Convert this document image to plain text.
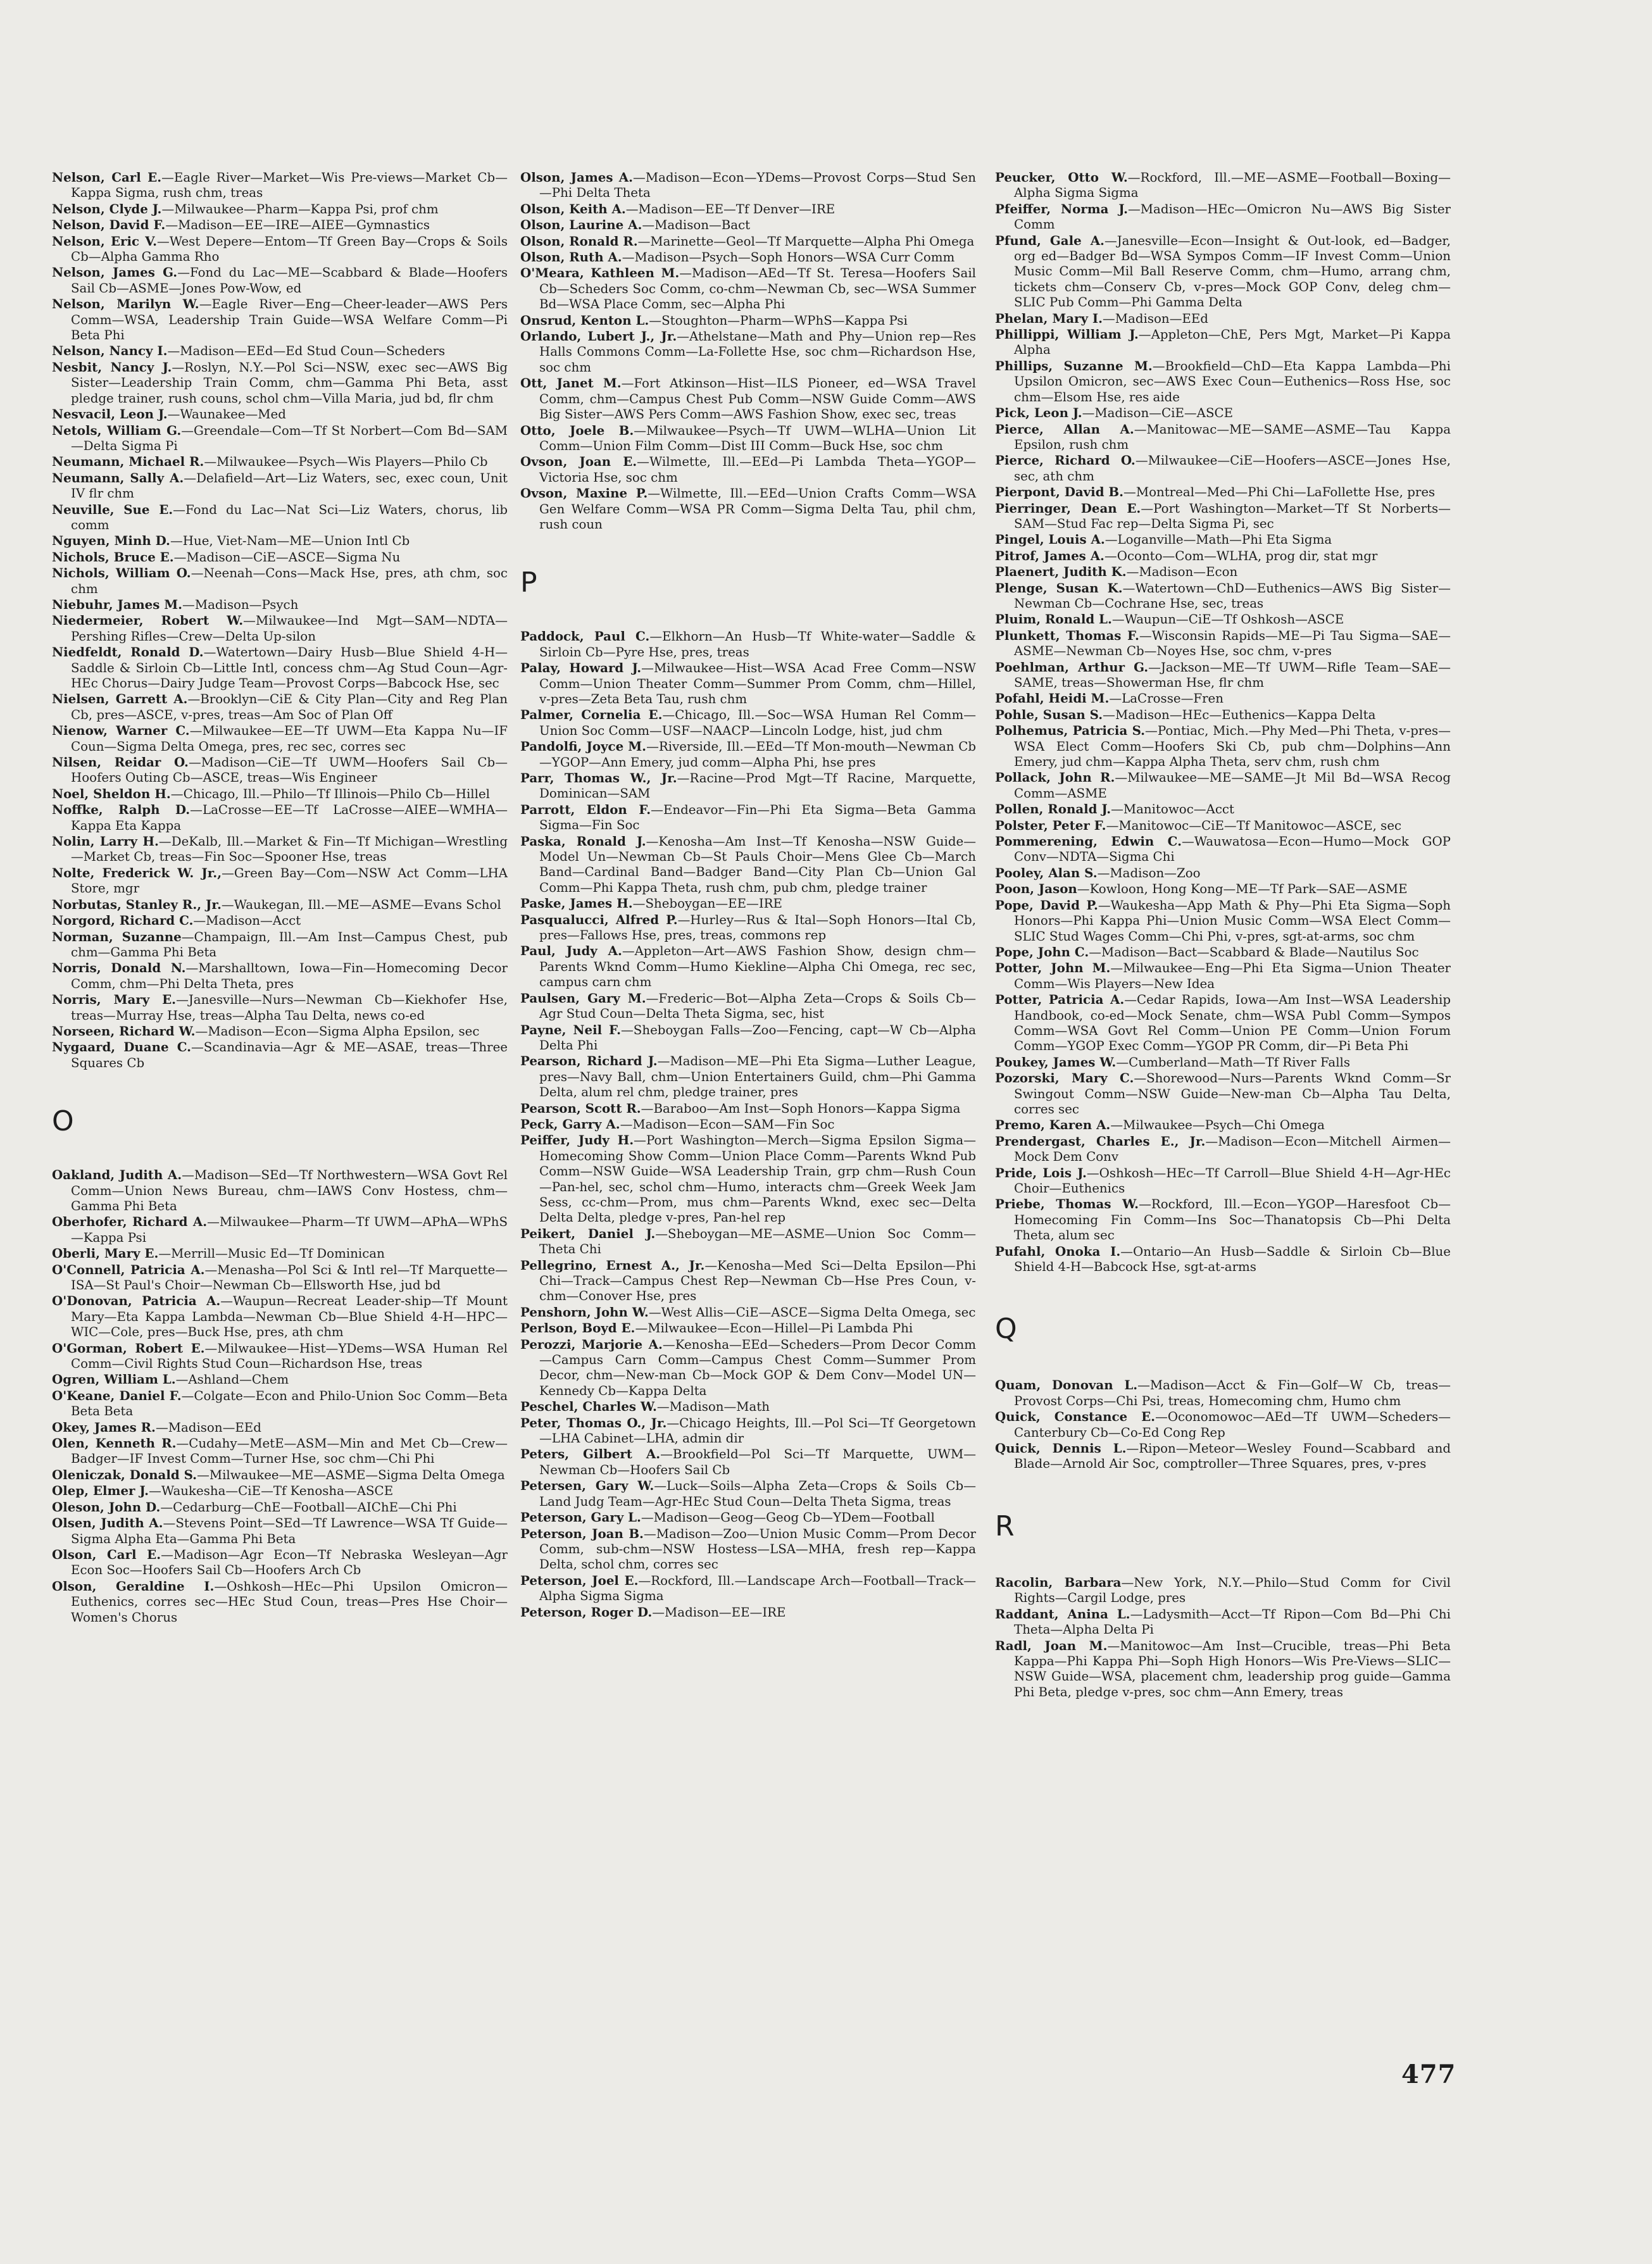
Nelson, Carl E.—Eagle River—Market—Wis Pre-views—Market Cb—Kappa Sigma, rush chm, treas

Nelson, Clyde J.—Milwaukee—Pharm—Kappa Psi, prof chm

Nelson, David F.—Madison—EE—IRE—AIEE—Gymnastics

Nelson, Eric V.—West Depere—Entom—Tf Green Bay—Crops & Soils Cb—Alpha Gamma Rho

Nelson, James G.—Fond du Lac—ME—Scabbard & Blade—Hoofers Sail Cb—ASME—Jones Pow-Wow, ed

Nelson, Marilyn W.—Eagle River—Eng—Cheer-leader—AWS Pers Comm—WSA, Leadership Train Guide—WSA Welfare Comm—Pi Beta Phi

Nelson, Nancy I.—Madison—EEd—Ed Stud Coun—Scheders

Nesbit, Nancy J.—Roslyn, N.Y.—Pol Sci—NSW, exec sec—AWS Big Sister—Leadership Train Comm, chm—Gamma Phi Beta, asst pledge trainer, rush couns, schol chm—Villa Maria, jud bd, flr chm

Nesvacil, Leon J.—Waunakee—Med

Netols, William G.—Greendale—Com—Tf St Norbert—Com Bd—SAM—Delta Sigma Pi

Neumann, Michael R.—Milwaukee—Psych—Wis Players—Philo Cb

Neumann, Sally A.—Delafield—Art—Liz Waters, sec, exec coun, Unit IV flr chm

Neuville, Sue E.—Fond du Lac—Nat Sci—Liz Waters, chorus, lib comm

Nguyen, Minh D.—Hue, Viet-Nam—ME—Union Intl Cb

Nichols, Bruce E.—Madison—CiE—ASCE—Sigma Nu

Nichols, William O.—Neenah—Cons—Mack Hse, pres, ath chm, soc chm

Niebuhr, James M.—Madison—Psych

Niedermeier, Robert W.—Milwaukee—Ind Mgt—SAM—NDTA—Pershing Rifles—Crew—Delta Up-silon

Niedfeldt, Ronald D.—Watertown—Dairy Husb—Blue Shield 4-H—Saddle & Sirloin Cb—Little Intl, concess chm—Ag Stud Coun—Agr-HEc Chorus—Dairy Judge Team—Provost Corps—Babcock Hse, sec

Nielsen, Garrett A.—Brooklyn—CiE & City Plan—City and Reg Plan Cb, pres—ASCE, v-pres, treas—Am Soc of Plan Off

Nienow, Warner C.—Milwaukee—EE—Tf UWM—Eta Kappa Nu—IF Coun—Sigma Delta Omega, pres, rec sec, corres sec

Nilsen, Reidar O.—Madison—CiE—Tf UWM—Hoofers Sail Cb—Hoofers Outing Cb—ASCE, treas—Wis Engineer

Noel, Sheldon H.—Chicago, Ill.—Philo—Tf Illinois—Philo Cb—Hillel

Noffke, Ralph D.—LaCrosse—EE—Tf LaCrosse—AIEE—WMHA—Kappa Eta Kappa

Nolin, Larry H.—DeKalb, Ill.—Market & Fin—Tf Michigan—Wrestling—Market Cb, treas—Fin Soc—Spooner Hse, treas

Nolte, Frederick W. Jr.,—Green Bay—Com—NSW Act Comm—LHA Store, mgr

Norbutas, Stanley R., Jr.—Waukegan, Ill.—ME—ASME—Evans Schol

Norgord, Richard C.—Madison—Acct

Norman, Suzanne—Champaign, Ill.—Am Inst—Campus Chest, pub chm—Gamma Phi Beta

Norris, Donald N.—Marshalltown, Iowa—Fin—Homecoming Decor Comm, chm—Phi Delta Theta, pres

Norris, Mary E.—Janesville—Nurs—Newman Cb—Kiekhofer Hse, treas—Murray Hse, treas—Alpha Tau Delta, news co-ed

Norseen, Richard W.—Madison—Econ—Sigma Alpha Epsilon, sec

Nygaard, Duane C.—Scandinavia—Agr & ME—ASAE, treas—Three Squares Cb

O

Oakland, Judith A.—Madison—SEd—Tf Northwestern—WSA Govt Rel Comm—Union News Bureau, chm—IAWS Conv Hostess, chm—Gamma Phi Beta

Oberhofer, Richard A.—Milwaukee—Pharm—Tf UWM—APhA—WPhS—Kappa Psi

Oberli, Mary E.—Merrill—Music Ed—Tf Dominican

O'Connell, Patricia A.—Menasha—Pol Sci & Intl rel—Tf Marquette—ISA—St Paul's Choir—Newman Cb—Ellsworth Hse, jud bd

O'Donovan, Patricia A.—Waupun—Recreat Leader-ship—Tf Mount Mary—Eta Kappa Lambda—Newman Cb—Blue Shield 4-H—HPC—WIC—Cole, pres—Buck Hse, pres, ath chm

O'Gorman, Robert E.—Milwaukee—Hist—YDems—WSA Human Rel Comm—Civil Rights Stud Coun—Richardson Hse, treas

Ogren, William L.—Ashland—Chem

O'Keane, Daniel F.—Colgate—Econ and Philo-Union Soc Comm—Beta Beta Beta

Okey, James R.—Madison—EEd

Olen, Kenneth R.—Cudahy—MetE—ASM—Min and Met Cb—Crew—Badger—IF Invest Comm—Turner Hse, soc chm—Chi Phi

Oleniczak, Donald S.—Milwaukee—ME—ASME—Sigma Delta Omega

Olep, Elmer J.—Waukesha—CiE—Tf Kenosha—ASCE

Oleson, John D.—Cedarburg—ChE—Football—AIChE—Chi Phi

Olsen, Judith A.—Stevens Point—SEd—Tf Lawrence—WSA Tf Guide—Sigma Alpha Eta—Gamma Phi Beta

Olson, Carl E.—Madison—Agr Econ—Tf Nebraska Wesleyan—Agr Econ Soc—Hoofers Sail Cb—Hoofers Arch Cb

Olson, Geraldine I.—Oshkosh—HEc—Phi Upsilon Omicron—Euthenics, corres sec—HEc Stud Coun, treas—Pres Hse Choir—Women's Chorus

Olson, James A.—Madison—Econ—YDems—Provost Corps—Stud Sen—Phi Delta Theta

Olson, Keith A.—Madison—EE—Tf Denver—IRE

Olson, Laurine A.—Madison—Bact

Olson, Ronald R.—Marinette—Geol—Tf Marquette—Alpha Phi Omega

Olson, Ruth A.—Madison—Psych—Soph Honors—WSA Curr Comm

O'Meara, Kathleen M.—Madison—AEd—Tf St. Teresa—Hoofers Sail Cb—Scheders Soc Comm, co-chm—Newman Cb, sec—WSA Summer Bd—WSA Place Comm, sec—Alpha Phi

Onsrud, Kenton L.—Stoughton—Pharm—WPhS—Kappa Psi

Orlando, Lubert J., Jr.—Athelstane—Math and Phy—Union rep—Res Halls Commons Comm—La-Follette Hse, soc chm—Richardson Hse, soc chm

Ott, Janet M.—Fort Atkinson—Hist—ILS Pioneer, ed—WSA Travel Comm, chm—Campus Chest Pub Comm—NSW Guide Comm—AWS Big Sister—AWS Pers Comm—AWS Fashion Show, exec sec, treas

Otto, Joele B.—Milwaukee—Psych—Tf UWM—WLHA—Union Lit Comm—Union Film Comm—Dist III Comm—Buck Hse, soc chm

Ovson, Joan E.—Wilmette, Ill.—EEd—Pi Lambda Theta—YGOP—Victoria Hse, soc chm

Ovson, Maxine P.—Wilmette, Ill.—EEd—Union Crafts Comm—WSA Gen Welfare Comm—WSA PR Comm—Sigma Delta Tau, phil chm, rush coun

P

Paddock, Paul C.—Elkhorn—An Husb—Tf White-water—Saddle & Sirloin Cb—Pyre Hse, pres, treas

Palay, Howard J.—Milwaukee—Hist—WSA Acad Free Comm—NSW Comm—Union Theater Comm—Summer Prom Comm, chm—Hillel, v-pres—Zeta Beta Tau, rush chm

Palmer, Cornelia E.—Chicago, Ill.—Soc—WSA Human Rel Comm—Union Soc Comm—USF—NAACP—Lincoln Lodge, hist, jud chm

Pandolfi, Joyce M.—Riverside, Ill.—EEd—Tf Mon-mouth—Newman Cb—YGOP—Ann Emery, jud comm—Alpha Phi, hse pres

Parr, Thomas W., Jr.—Racine—Prod Mgt—Tf Racine, Marquette, Dominican—SAM

Parrott, Eldon F.—Endeavor—Fin—Phi Eta Sigma—Beta Gamma Sigma—Fin Soc

Paska, Ronald J.—Kenosha—Am Inst—Tf Kenosha—NSW Guide—Model Un—Newman Cb—St Pauls Choir—Mens Glee Cb—March Band—Cardinal Band—Badger Band—City Plan Cb—Union Gal Comm—Phi Kappa Theta, rush chm, pub chm, pledge trainer

Paske, James H.—Sheboygan—EE—IRE

Pasqualucci, Alfred P.—Hurley—Rus & Ital—Soph Honors—Ital Cb, pres—Fallows Hse, pres, treas, commons rep

Paul, Judy A.—Appleton—Art—AWS Fashion Show, design chm—Parents Wknd Comm—Humo Kiekline—Alpha Chi Omega, rec sec, campus carn chm

Paulsen, Gary M.—Frederic—Bot—Alpha Zeta—Crops & Soils Cb—Agr Stud Coun—Delta Theta Sigma, sec, hist

Payne, Neil F.—Sheboygan Falls—Zoo—Fencing, capt—W Cb—Alpha Delta Phi

Pearson, Richard J.—Madison—ME—Phi Eta Sigma—Luther League, pres—Navy Ball, chm—Union Entertainers Guild, chm—Phi Gamma Delta, alum rel chm, pledge trainer, pres

Pearson, Scott R.—Baraboo—Am Inst—Soph Honors—Kappa Sigma

Peck, Garry A.—Madison—Econ—SAM—Fin Soc

Peiffer, Judy H.—Port Washington—Merch—Sigma Epsilon Sigma—Homecoming Show Comm—Union Place Comm—Parents Wknd Pub Comm—NSW Guide—WSA Leadership Train, grp chm—Rush Coun—Pan-hel, sec, schol chm—Humo, interacts chm—Greek Week Jam Sess, cc-chm—Prom, mus chm—Parents Wknd, exec sec—Delta Delta Delta, pledge v-pres, Pan-hel rep

Peikert, Daniel J.—Sheboygan—ME—ASME—Union Soc Comm—Theta Chi

Pellegrino, Ernest A., Jr.—Kenosha—Med Sci—Delta Epsilon—Phi Chi—Track—Campus Chest Rep—Newman Cb—Hse Pres Coun, v-chm—Conover Hse, pres

Penshorn, John W.—West Allis—CiE—ASCE—Sigma Delta Omega, sec

Perlson, Boyd E.—Milwaukee—Econ—Hillel—Pi Lambda Phi

Perozzi, Marjorie A.—Kenosha—EEd—Scheders—Prom Decor Comm—Campus Carn Comm—Campus Chest Comm—Summer Prom Decor, chm—New-man Cb—Mock GOP & Dem Conv—Model UN—Kennedy Cb—Kappa Delta

Peschel, Charles W.—Madison—Math

Peter, Thomas O., Jr.—Chicago Heights, Ill.—Pol Sci—Tf Georgetown—LHA Cabinet—LHA, admin dir

Peters, Gilbert A.—Brookfield—Pol Sci—Tf Marquette, UWM—Newman Cb—Hoofers Sail Cb

Petersen, Gary W.—Luck—Soils—Alpha Zeta—Crops & Soils Cb—Land Judg Team—Agr-HEc Stud Coun—Delta Theta Sigma, treas

Peterson, Gary L.—Madison—Geog—Geog Cb—YDem—Football

Peterson, Joan B.—Madison—Zoo—Union Music Comm—Prom Decor Comm, sub-chm—NSW Hostess—LSA—MHA, fresh rep—Kappa Delta, schol chm, corres sec

Peterson, Joel E.—Rockford, Ill.—Landscape Arch—Football—Track—Alpha Sigma Sigma

Peterson, Roger D.—Madison—EE—IRE

Peucker, Otto W.—Rockford, Ill.—ME—ASME—Football—Boxing—Alpha Sigma Sigma

Pfeiffer, Norma J.—Madison—HEc—Omicron Nu—AWS Big Sister Comm

Pfund, Gale A.—Janesville—Econ—Insight & Out-look, ed—Badger, org ed—Badger Bd—WSA Sympos Comm—IF Invest Comm—Union Music Comm—Mil Ball Reserve Comm, chm—Humo, arrang chm, tickets chm—Conserv Cb, v-pres—Mock GOP Conv, deleg chm—SLIC Pub Comm—Phi Gamma Delta

Phelan, Mary I.—Madison—EEd

Phillippi, William J.—Appleton—ChE, Pers Mgt, Market—Pi Kappa Alpha

Phillips, Suzanne M.—Brookfield—ChD—Eta Kappa Lambda—Phi Upsilon Omicron, sec—AWS Exec Coun—Euthenics—Ross Hse, soc chm—Elsom Hse, res aide

Pick, Leon J.—Madison—CiE—ASCE

Pierce, Allan A.—Manitowac—ME—SAME—ASME—Tau Kappa Epsilon, rush chm

Pierce, Richard O.—Milwaukee—CiE—Hoofers—ASCE—Jones Hse, sec, ath chm

Pierpont, David B.—Montreal—Med—Phi Chi—LaFollette Hse, pres

Pierringer, Dean E.—Port Washington—Market—Tf St Norberts—SAM—Stud Fac rep—Delta Sigma Pi, sec

Pingel, Louis A.—Loganville—Math—Phi Eta Sigma

Pitrof, James A.—Oconto—Com—WLHA, prog dir, stat mgr

Plaenert, Judith K.—Madison—Econ

Plenge, Susan K.—Watertown—ChD—Euthenics—AWS Big Sister—Newman Cb—Cochrane Hse, sec, treas

Pluim, Ronald L.—Waupun—CiE—Tf Oshkosh—ASCE

Plunkett, Thomas F.—Wisconsin Rapids—ME—Pi Tau Sigma—SAE—ASME—Newman Cb—Noyes Hse, soc chm, v-pres

Poehlman, Arthur G.—Jackson—ME—Tf UWM—Rifle Team—SAE—SAME, treas—Showerman Hse, flr chm

Pofahl, Heidi M.—LaCrosse—Fren

Pohle, Susan S.—Madison—HEc—Euthenics—Kappa Delta

Polhemus, Patricia S.—Pontiac, Mich.—Phy Med—Phi Theta, v-pres—WSA Elect Comm—Hoofers Ski Cb, pub chm—Dolphins—Ann Emery, jud chm—Kappa Alpha Theta, serv chm, rush chm

Pollack, John R.—Milwaukee—ME—SAME—Jt Mil Bd—WSA Recog Comm—ASME

Pollen, Ronald J.—Manitowoc—Acct

Polster, Peter F.—Manitowoc—CiE—Tf Manitowoc—ASCE, sec

Pommerening, Edwin C.—Wauwatosa—Econ—Humo—Mock GOP Conv—NDTA—Sigma Chi

Pooley, Alan S.—Madison—Zoo

Poon, Jason—Kowloon, Hong Kong—ME—Tf Park—SAE—ASME

Pope, David P.—Waukesha—App Math & Phy—Phi Eta Sigma—Soph Honors—Phi Kappa Phi—Union Music Comm—WSA Elect Comm—SLIC Stud Wages Comm—Chi Phi, v-pres, sgt-at-arms, soc chm

Pope, John C.—Madison—Bact—Scabbard & Blade—Nautilus Soc

Potter, John M.—Milwaukee—Eng—Phi Eta Sigma—Union Theater Comm—Wis Players—New Idea

Potter, Patricia A.—Cedar Rapids, Iowa—Am Inst—WSA Leadership Handbook, co-ed—Mock Senate, chm—WSA Publ Comm—Sympos Comm—WSA Govt Rel Comm—Union PE Comm—Union Forum Comm—YGOP Exec Comm—YGOP PR Comm, dir—Pi Beta Phi

Poukey, James W.—Cumberland—Math—Tf River Falls

Pozorski, Mary C.—Shorewood—Nurs—Parents Wknd Comm—Sr Swingout Comm—NSW Guide—New-man Cb—Alpha Tau Delta, corres sec

Premo, Karen A.—Milwaukee—Psych—Chi Omega

Prendergast, Charles E., Jr.—Madison—Econ—Mitchell Airmen—Mock Dem Conv

Pride, Lois J.—Oshkosh—HEc—Tf Carroll—Blue Shield 4-H—Agr-HEc Choir—Euthenics

Priebe, Thomas W.—Rockford, Ill.—Econ—YGOP—Haresfoot Cb—Homecoming Fin Comm—Ins Soc—Thanatopsis Cb—Phi Delta Theta, alum sec

Pufahl, Onoka I.—Ontario—An Husb—Saddle & Sirloin Cb—Blue Shield 4-H—Babcock Hse, sgt-at-arms

Q

Quam, Donovan L.—Madison—Acct & Fin—Golf—W Cb, treas—Provost Corps—Chi Psi, treas, Homecoming chm, Humo chm

Quick, Constance E.—Oconomowoc—AEd—Tf UWM—Scheders—Canterbury Cb—Co-Ed Cong Rep

Quick, Dennis L.—Ripon—Meteor—Wesley Found—Scabbard and Blade—Arnold Air Soc, comptroller—Three Squares, pres, v-pres

R

Racolin, Barbara—New York, N.Y.—Philo—Stud Comm for Civil Rights—Cargil Lodge, pres

Raddant, Anina L.—Ladysmith—Acct—Tf Ripon—Com Bd—Phi Chi Theta—Alpha Delta Pi

Radl, Joan M.—Manitowoc—Am Inst—Crucible, treas—Phi Beta Kappa—Phi Kappa Phi—Soph High Honors—Wis Pre-Views—SLIC—NSW Guide—WSA, placement chm, leadership prog guide—Gamma Phi Beta, pledge v-pres, soc chm—Ann Emery, treas

477
